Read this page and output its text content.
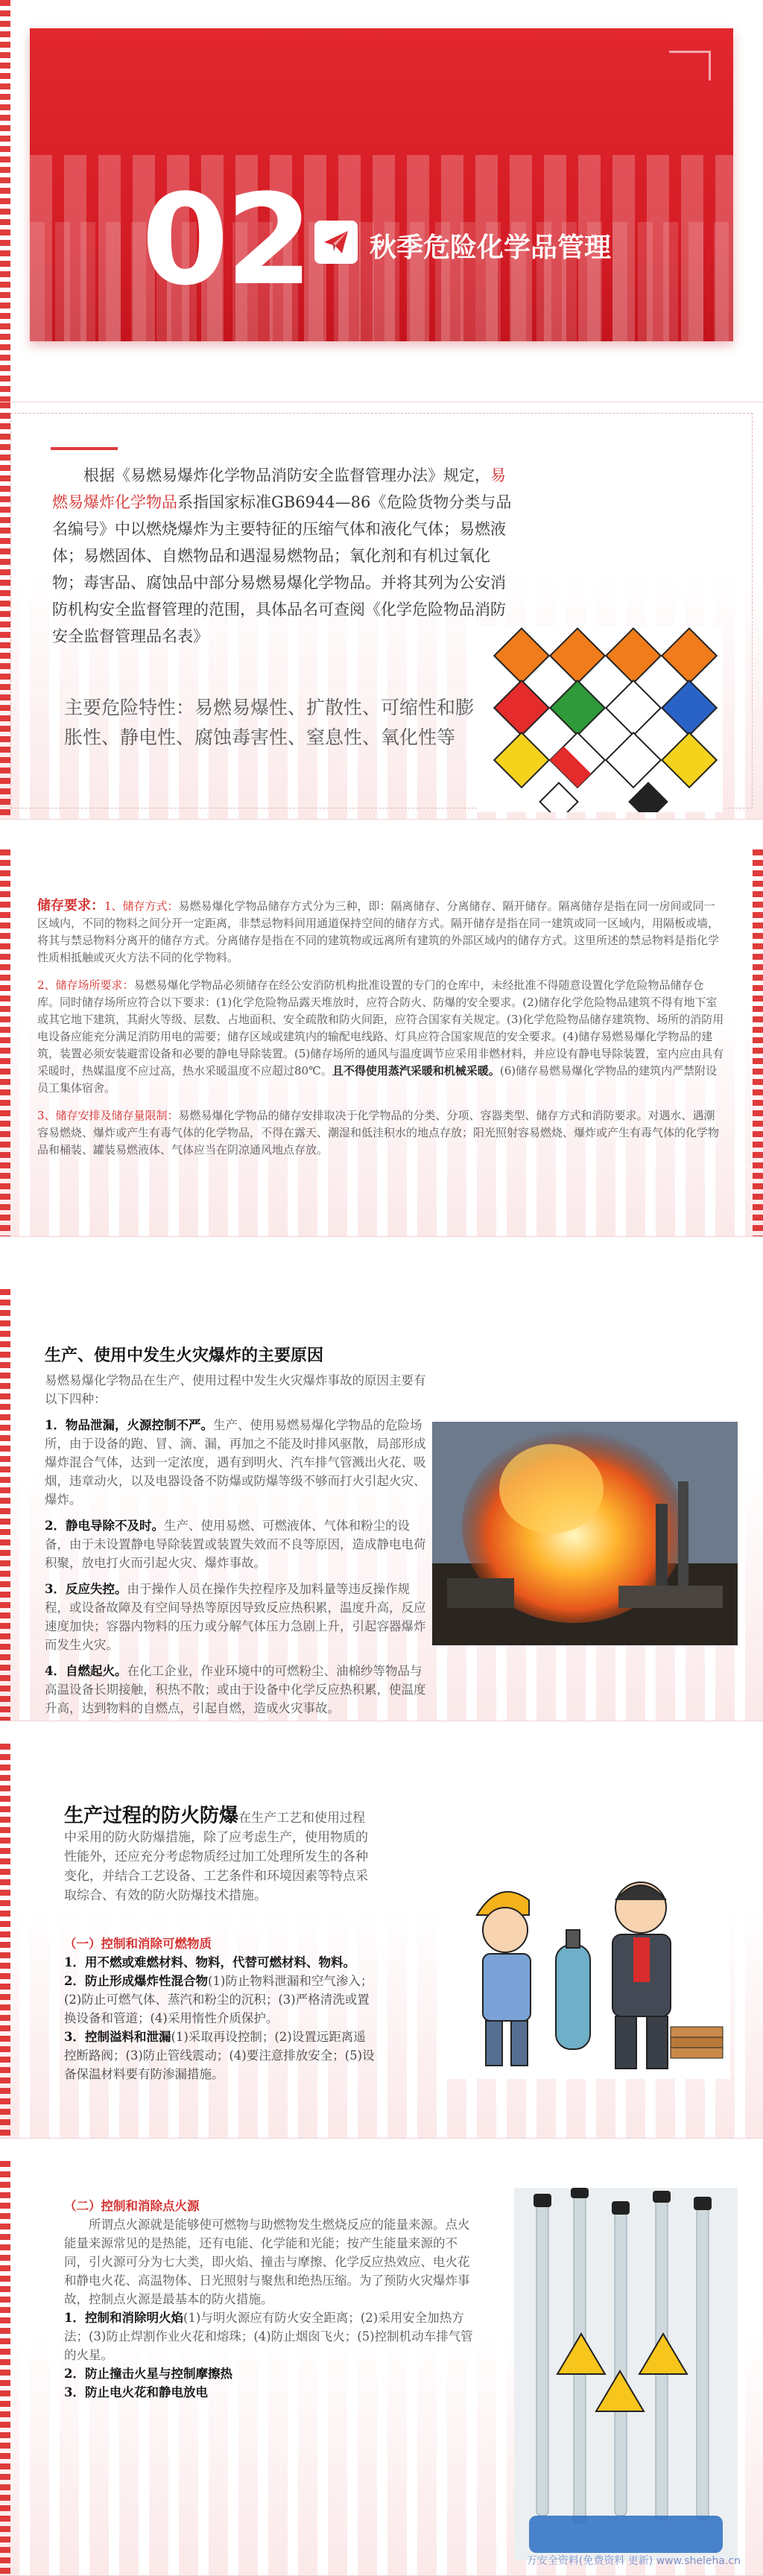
02 秋季危险化学品管理

根据《易燃易爆炸化学物品消防安全监督管理办法》规定，易燃易爆炸化学物品系指国家标准GB6944—86《危险货物分类与品名编号》中以燃烧爆炸为主要特征的压缩气体和液化气体；易燃液体；易燃固体、自燃物品和遇湿易燃物品；氧化剂和有机过氧化物；毒害品、腐蚀品中部分易燃易爆化学物品。并将其列为公安消防机构安全监督管理的范围，具体品名可查阅《化学危险物品消防安全监督管理品名表》

主要危险特性：易燃易爆性、扩散性、可缩性和膨胀性、静电性、腐蚀毒害性、窒息性、氧化性等

储存要求：1、储存方式：易燃易爆化学物品储存方式分为三种，即：隔离储存、分离储存、隔开储存。隔离储存是指在同一房间或同一区域内，不同的物料之间分开一定距离，非禁忌物料间用通道保持空间的储存方式。隔开储存是指在同一建筑或同一区域内，用隔板或墙，将其与禁忌物料分离开的储存方式。分离储存是指在不同的建筑物或远离所有建筑的外部区域内的储存方式。这里所述的禁忌物料是指化学性质相抵触或灭火方法不同的化学物料。

2、储存场所要求：易燃易爆化学物品必须储存在经公安消防机构批准设置的专门的仓库中，未经批准不得随意设置化学危险物品储存仓库。同时储存场所应符合以下要求：(1)化学危险物品露天堆放时，应符合防火、防爆的安全要求。(2)储存化学危险物品建筑不得有地下室或其它地下建筑，其耐火等级、层数、占地面积、安全疏散和防火间距，应符合国家有关规定。(3)化学危险物品储存建筑物、场所的消防用电设备应能充分满足消防用电的需要；储存区域或建筑内的输配电线路、灯具应符合国家规范的安全要求。(4)储存易燃易爆化学物品的建筑，装置必须安装避雷设备和必要的静电导除装置。(5)储存场所的通风与温度调节应采用非燃材料，并应设有静电导除装置，室内应由具有采暖时，热媒温度不应过高，热水采暖温度不应超过80℃。且不得使用蒸汽采暖和机械采暖。(6)储存易燃易爆化学物品的建筑内严禁附设员工集体宿舍。

3、储存安排及储存量限制：易燃易爆化学物品的储存安排取决于化学物品的分类、分项、容器类型、储存方式和消防要求。对遇水、遇潮容易燃烧、爆炸或产生有毒气体的化学物品，不得在露天、潮湿和低洼积水的地点存放；阳光照射容易燃烧、爆炸或产生有毒气体的化学物品和桶装、罐装易燃液体、气体应当在阴凉通风地点存放。

生产、使用中发生火灾爆炸的主要原因

易燃易爆化学物品在生产、使用过程中发生火灾爆炸事故的原因主要有以下四种：

1．物品泄漏，火源控制不严。生产、使用易燃易爆化学物品的危险场所，由于设备的跑、冒、滴、漏，再加之不能及时排风驱散，局部形成爆炸混合气体，达到一定浓度，遇有到明火、汽车排气管溅出火花、吸烟，违章动火，以及电器设备不防爆或防爆等级不够而打火引起火灾、爆炸。

2．静电导除不及时。生产、使用易燃、可燃液体、气体和粉尘的设备，由于未设置静电导除装置或装置失效而不良等原因，造成静电电荷积聚，放电打火而引起火灾、爆炸事故。

3．反应失控。由于操作人员在操作失控程序及加料量等违反操作规程，或设备故障及有空间导热等原因导致反应热积累，温度升高，反应速度加快；容器内物料的压力或分解气体压力急剧上升，引起容器爆炸而发生火灾。

4．自燃起火。在化工企业，作业环境中的可燃粉尘、油棉纱等物品与高温设备长期接触，积热不散；或由于设备中化学反应热积累，使温度升高，达到物料的自燃点，引起自燃，造成火灾事故。

生产过程的防火防爆在生产工艺和使用过程中采用的防火防爆措施，除了应考虑生产，使用物质的性能外，还应充分考虑物质经过加工处理所发生的各种变化，并结合工艺设备、工艺条件和环境因素等特点采取综合、有效的防火防爆技术措施。
（一）控制和消除可燃物质
1．用不燃或难燃材料、物料，代替可燃材料、物料。
2．防止形成爆炸性混合物(1)防止物料泄漏和空气渗入；(2)防止可燃气体、蒸汽和粉尘的沉积；(3)严格清洗或置换设备和管道；(4)采用惰性介质保护。
3．控制溢料和泄漏(1)采取再设控制；(2)设置远距离遥控断路阀；(3)防止管线震动；(4)要注意排放安全；(5)设备保温材料要有防渗漏措施。
（二）控制和消除点火源

所谓点火源就是能够使可燃物与助燃物发生燃烧反应的能量来源。点火能量来源常见的是热能，还有电能、化学能和光能；按产生能量来源的不同，引火源可分为七大类，即火焰、撞击与摩擦、化学反应热效应、电火花和静电火花、高温物体、日光照射与聚焦和绝热压缩。为了预防火灾爆炸事故，控制点火源是最基本的防火措施。

1．控制和消除明火焰(1)与明火源应有防火安全距离；(2)采用安全加热方法；(3)防止焊割作业火花和熔珠；(4)防止烟囱飞火；(5)控制机动车排气管的火星。

2．防止撞击火星与控制摩擦热

3．防止电火花和静电放电

万安全资料(免费资料 更新) www.sheleha.cn
